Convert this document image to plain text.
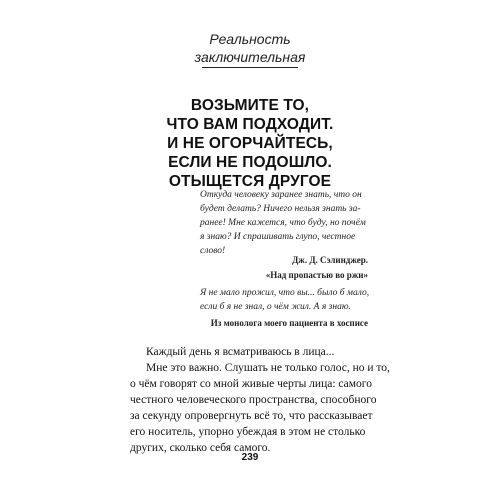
Реальность
заключительная
ВОЗЬМИТЕ ТО,
ЧТО ВАМ ПОДХОДИТ.
И НЕ ОГОРЧАЙТЕСЬ,
ЕСЛИ НЕ ПОДОШЛО.
ОТЫЩЕТСЯ ДРУГОЕ
Откуда человеку заранее знать, что он
будет делать? Ничего нельзя знать за-
ранее! Мне кажется, что буду, но почём
я знаю? И спрашивать глупо, честное
слово!
Дж. Д. Сэлинджер.
«Над пропастью во ржи»
Я не мало прожил, что вы... было б мало,
если б я не знал, о чём жил. А я знаю.
Из монолога моего пациента в хосписе
Каждый день я всматриваюсь в лица...
Мне это важно. Слушать не только голос, но и то,
о чём говорят со мной живые черты лица: самого
честного человеческого пространства, способного
за секунду опровергнуть всё то, что рассказывает
его носитель, упорно убеждая в этом не столько
других, сколько себя самого.
239
